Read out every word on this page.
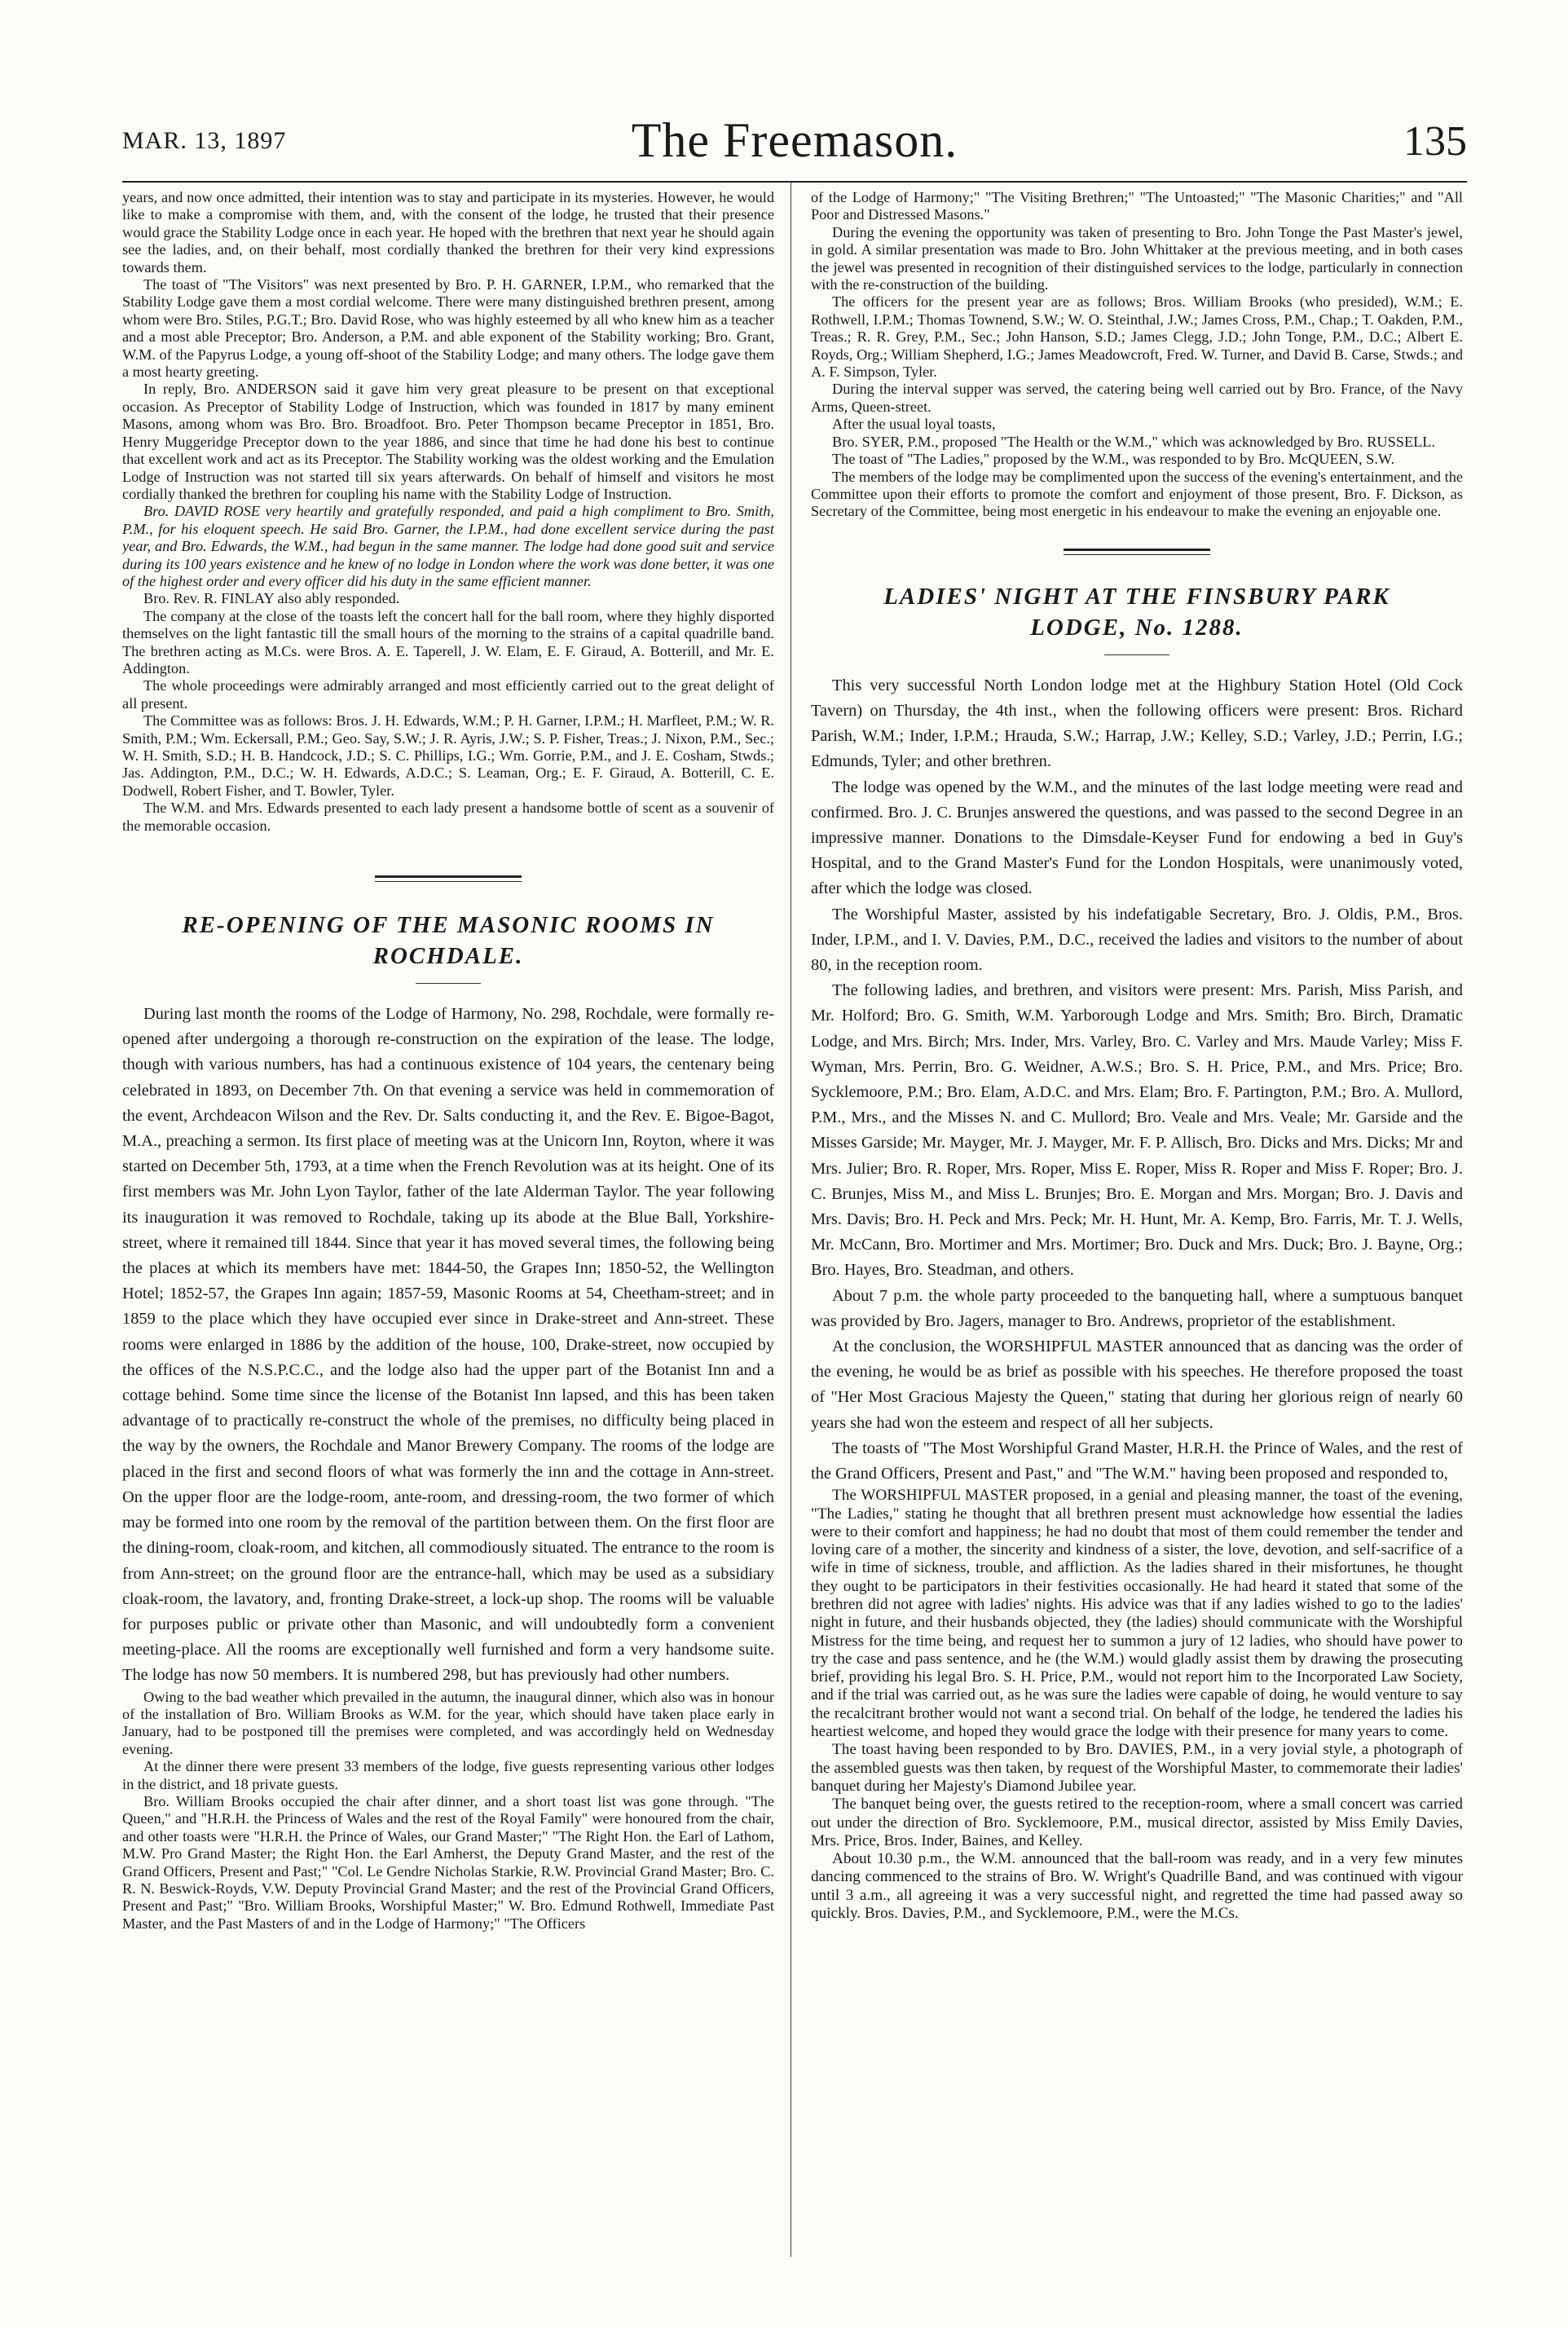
MAR. 13, 1897	The Freemason.	135

years, and now once admitted, their intention was to stay and participate in its mysteries. However, he would like to make a compromise with them, and, with the consent of the lodge, he trusted that their presence would grace the Stability Lodge once in each year. He hoped with the brethren that next year he should again see the ladies, and, on their behalf, most cordially thanked the brethren for their very kind expressions towards them.

The toast of "The Visitors" was next presented by Bro. P. H. GARNER, I.P.M., who remarked that the Stability Lodge gave them a most cordial welcome. There were many distinguished brethren present, among whom were Bro. Stiles, P.G.T.; Bro. David Rose, who was highly esteemed by all who knew him as a teacher and a most able Preceptor; Bro. Anderson, a P.M. and able exponent of the Stability working; Bro. Grant, W.M. of the Papyrus Lodge, a young off-shoot of the Stability Lodge; and many others. The lodge gave them a most hearty greeting.

In reply, Bro. ANDERSON said it gave him very great pleasure to be present on that exceptional occasion. As Preceptor of Stability Lodge of Instruction, which was founded in 1817 by many eminent Masons, among whom was Bro. Bro. Broadfoot. Bro. Peter Thompson became Preceptor in 1851, Bro. Henry Muggeridge Preceptor down to the year 1886, and since that time he had done his best to continue that excellent work and act as its Preceptor. The Stability working was the oldest working and the Emulation Lodge of Instruction was not started till six years afterwards. On behalf of himself and visitors he most cordially thanked the brethren for coupling his name with the Stability Lodge of Instruction.

Bro. DAVID ROSE very heartily and gratefully responded, and paid a high compliment to Bro. Smith, P.M., for his eloquent speech. He said Bro. Garner, the I.P.M., had done excellent service during the past year, and Bro. Edwards, the W.M., had begun in the same manner. The lodge had done good suit and service during its 100 years existence and he knew of no lodge in London where the work was done better, it was one of the highest order and every officer did his duty in the same efficient manner.

Bro. Rev. R. FINLAY also ably responded.

The company at the close of the toasts left the concert hall for the ball room, where they highly disported themselves on the light fantastic till the small hours of the morning to the strains of a capital quadrille band. The brethren acting as M.Cs. were Bros. A. E. Taperell, J. W. Elam, E. F. Giraud, A. Botterill, and Mr. E. Addington.

The whole proceedings were admirably arranged and most efficiently carried out to the great delight of all present.

The Committee was as follows: Bros. J. H. Edwards, W.M.; P. H. Garner, I.P.M.; H. Marfleet, P.M.; W. R. Smith, P.M.; Wm. Eckersall, P.M.; Geo. Say, S.W.; J. R. Ayris, J.W.; S. P. Fisher, Treas.; J. Nixon, P.M., Sec.; W. H. Smith, S.D.; H. B. Handcock, J.D.; S. C. Phillips, I.G.; Wm. Gorrie, P.M., and J. E. Cosham, Stwds.; Jas. Addington, P.M., D.C.; W. H. Edwards, A.D.C.; S. Leaman, Org.; E. F. Giraud, A. Botterill, C. E. Dodwell, Robert Fisher, and T. Bowler, Tyler.

The W.M. and Mrs. Edwards presented to each lady present a handsome bottle of scent as a souvenir of the memorable occasion.

RE-OPENING OF THE MASONIC ROOMS IN
ROCHDALE.

During last month the rooms of the Lodge of Harmony, No. 298, Rochdale, were formally re-opened after undergoing a thorough re-construction on the expiration of the lease. The lodge, though with various numbers, has had a continuous existence of 104 years, the centenary being celebrated in 1893, on December 7th. On that evening a service was held in commemoration of the event, Archdeacon Wilson and the Rev. Dr. Salts conducting it, and the Rev. E. Bigoe-Bagot, M.A., preaching a sermon. Its first place of meeting was at the Unicorn Inn, Royton, where it was started on December 5th, 1793, at a time when the French Revolution was at its height. One of its first members was Mr. John Lyon Taylor, father of the late Alderman Taylor. The year following its inauguration it was removed to Rochdale, taking up its abode at the Blue Ball, Yorkshire-street, where it remained till 1844. Since that year it has moved several times, the following being the places at which its members have met: 1844-50, the Grapes Inn; 1850-52, the Wellington Hotel; 1852-57, the Grapes Inn again; 1857-59, Masonic Rooms at 54, Cheetham-street; and in 1859 to the place which they have occupied ever since in Drake-street and Ann-street. These rooms were enlarged in 1886 by the addition of the house, 100, Drake-street, now occupied by the offices of the N.S.P.C.C., and the lodge also had the upper part of the Botanist Inn and a cottage behind. Some time since the license of the Botanist Inn lapsed, and this has been taken advantage of to practically re-construct the whole of the premises, no difficulty being placed in the way by the owners, the Rochdale and Manor Brewery Company. The rooms of the lodge are placed in the first and second floors of what was formerly the inn and the cottage in Ann-street. On the upper floor are the lodge-room, ante-room, and dressing-room, the two former of which may be formed into one room by the removal of the partition between them. On the first floor are the dining-room, cloak-room, and kitchen, all commodiously situated. The entrance to the room is from Ann-street; on the ground floor are the entrance-hall, which may be used as a subsidiary cloak-room, the lavatory, and, fronting Drake-street, a lock-up shop. The rooms will be valuable for purposes public or private other than Masonic, and will undoubtedly form a convenient meeting-place. All the rooms are exceptionally well furnished and form a very handsome suite. The lodge has now 50 members. It is numbered 298, but has previously had other numbers.

Owing to the bad weather which prevailed in the autumn, the inaugural dinner, which also was in honour of the installation of Bro. William Brooks as W.M. for the year, which should have taken place early in January, had to be postponed till the premises were completed, and was accordingly held on Wednesday evening.

At the dinner there were present 33 members of the lodge, five guests representing various other lodges in the district, and 18 private guests.

Bro. William Brooks occupied the chair after dinner, and a short toast list was gone through. "The Queen," and "H.R.H. the Princess of Wales and the rest of the Royal Family" were honoured from the chair, and other toasts were "H.R.H. the Prince of Wales, our Grand Master;" "The Right Hon. the Earl of Lathom, M.W. Pro Grand Master; the Right Hon. the Earl Amherst, the Deputy Grand Master, and the rest of the Grand Officers, Present and Past;" "Col. Le Gendre Nicholas Starkie, R.W. Provincial Grand Master; Bro. C. R. N. Beswick-Royds, V.W. Deputy Provincial Grand Master; and the rest of the Provincial Grand Officers, Present and Past;" "Bro. William Brooks, Worshipful Master;" W. Bro. Edmund Rothwell, Immediate Past Master, and the Past Masters of and in the Lodge of Harmony;" "The Officers

of the Lodge of Harmony;" "The Visiting Brethren;" "The Untoasted;" "The Masonic Charities;" and "All Poor and Distressed Masons."

During the evening the opportunity was taken of presenting to Bro. John Tonge the Past Master's jewel, in gold. A similar presentation was made to Bro. John Whittaker at the previous meeting, and in both cases the jewel was presented in recognition of their distinguished services to the lodge, particularly in connection with the re-construction of the building.

The officers for the present year are as follows; Bros. William Brooks (who presided), W.M.; E. Rothwell, I.P.M.; Thomas Townend, S.W.; W. O. Steinthal, J.W.; James Cross, P.M., Chap.; T. Oakden, P.M., Treas.; R. R. Grey, P.M., Sec.; John Hanson, S.D.; James Clegg, J.D.; John Tonge, P.M., D.C.; Albert E. Royds, Org.; William Shepherd, I.G.; James Meadowcroft, Fred. W. Turner, and David B. Carse, Stwds.; and A. F. Simpson, Tyler.

During the interval supper was served, the catering being well carried out by Bro. France, of the Navy Arms, Queen-street.

After the usual loyal toasts,

Bro. SYER, P.M., proposed "The Health or the W.M.," which was acknowledged by Bro. RUSSELL.

The toast of "The Ladies," proposed by the W.M., was responded to by Bro. McQUEEN, S.W.

The members of the lodge may be complimented upon the success of the evening's entertainment, and the Committee upon their efforts to promote the comfort and enjoyment of those present, Bro. F. Dickson, as Secretary of the Committee, being most energetic in his endeavour to make the evening an enjoyable one.

LADIES' NIGHT AT THE FINSBURY PARK
LODGE, No. 1288.

This very successful North London lodge met at the Highbury Station Hotel (Old Cock Tavern) on Thursday, the 4th inst., when the following officers were present: Bros. Richard Parish, W.M.; Inder, I.P.M.; Hrauda, S.W.; Harrap, J.W.; Kelley, S.D.; Varley, J.D.; Perrin, I.G.; Edmunds, Tyler; and other brethren.

The lodge was opened by the W.M., and the minutes of the last lodge meeting were read and confirmed. Bro. J. C. Brunjes answered the questions, and was passed to the second Degree in an impressive manner. Donations to the Dimsdale-Keyser Fund for endowing a bed in Guy's Hospital, and to the Grand Master's Fund for the London Hospitals, were unanimously voted, after which the lodge was closed.

The Worshipful Master, assisted by his indefatigable Secretary, Bro. J. Oldis, P.M., Bros. Inder, I.P.M., and I. V. Davies, P.M., D.C., received the ladies and visitors to the number of about 80, in the reception room.

The following ladies, and brethren, and visitors were present: Mrs. Parish, Miss Parish, and Mr. Holford; Bro. G. Smith, W.M. Yarborough Lodge and Mrs. Smith; Bro. Birch, Dramatic Lodge, and Mrs. Birch; Mrs. Inder, Mrs. Varley, Bro. C. Varley and Mrs. Maude Varley; Miss F. Wyman, Mrs. Perrin, Bro. G. Weidner, A.W.S.; Bro. S. H. Price, P.M., and Mrs. Price; Bro. Sycklemoore, P.M.; Bro. Elam, A.D.C. and Mrs. Elam; Bro. F. Partington, P.M.; Bro. A. Mullord, P.M., Mrs., and the Misses N. and C. Mullord; Bro. Veale and Mrs. Veale; Mr. Garside and the Misses Garside; Mr. Mayger, Mr. J. Mayger, Mr. F. P. Allisch, Bro. Dicks and Mrs. Dicks; Mr and Mrs. Julier; Bro. R. Roper, Mrs. Roper, Miss E. Roper, Miss R. Roper and Miss F. Roper; Bro. J. C. Brunjes, Miss M., and Miss L. Brunjes; Bro. E. Morgan and Mrs. Morgan; Bro. J. Davis and Mrs. Davis; Bro. H. Peck and Mrs. Peck; Mr. H. Hunt, Mr. A. Kemp, Bro. Farris, Mr. T. J. Wells, Mr. McCann, Bro. Mortimer and Mrs. Mortimer; Bro. Duck and Mrs. Duck; Bro. J. Bayne, Org.; Bro. Hayes, Bro. Steadman, and others.

About 7 p.m. the whole party proceeded to the banqueting hall, where a sumptuous banquet was provided by Bro. Jagers, manager to Bro. Andrews, proprietor of the establishment.

At the conclusion, the WORSHIPFUL MASTER announced that as dancing was the order of the evening, he would be as brief as possible with his speeches. He therefore proposed the toast of "Her Most Gracious Majesty the Queen," stating that during her glorious reign of nearly 60 years she had won the esteem and respect of all her subjects.

The toasts of "The Most Worshipful Grand Master, H.R.H. the Prince of Wales, and the rest of the Grand Officers, Present and Past," and "The W.M." having been proposed and responded to,

The WORSHIPFUL MASTER proposed, in a genial and pleasing manner, the toast of the evening, "The Ladies," stating he thought that all brethren present must acknowledge how essential the ladies were to their comfort and happiness; he had no doubt that most of them could remember the tender and loving care of a mother, the sincerity and kindness of a sister, the love, devotion, and self-sacrifice of a wife in time of sickness, trouble, and affliction. As the ladies shared in their misfortunes, he thought they ought to be participators in their festivities occasionally. He had heard it stated that some of the brethren did not agree with ladies' nights. His advice was that if any ladies wished to go to the ladies' night in future, and their husbands objected, they (the ladies) should communicate with the Worshipful Mistress for the time being, and request her to summon a jury of 12 ladies, who should have power to try the case and pass sentence, and he (the W.M.) would gladly assist them by drawing the prosecuting brief, providing his legal Bro. S. H. Price, P.M., would not report him to the Incorporated Law Society, and if the trial was carried out, as he was sure the ladies were capable of doing, he would venture to say the recalcitrant brother would not want a second trial. On behalf of the lodge, he tendered the ladies his heartiest welcome, and hoped they would grace the lodge with their presence for many years to come.

The toast having been responded to by Bro. DAVIES, P.M., in a very jovial style, a photograph of the assembled guests was then taken, by request of the Worshipful Master, to commemorate their ladies' banquet during her Majesty's Diamond Jubilee year.

The banquet being over, the guests retired to the reception-room, where a small concert was carried out under the direction of Bro. Sycklemoore, P.M., musical director, assisted by Miss Emily Davies, Mrs. Price, Bros. Inder, Baines, and Kelley.

About 10.30 p.m., the W.M. announced that the ball-room was ready, and in a very few minutes dancing commenced to the strains of Bro. W. Wright's Quadrille Band, and was continued with vigour until 3 a.m., all agreeing it was a very successful night, and regretted the time had passed away so quickly. Bros. Davies, P.M., and Sycklemoore, P.M., were the M.Cs.
